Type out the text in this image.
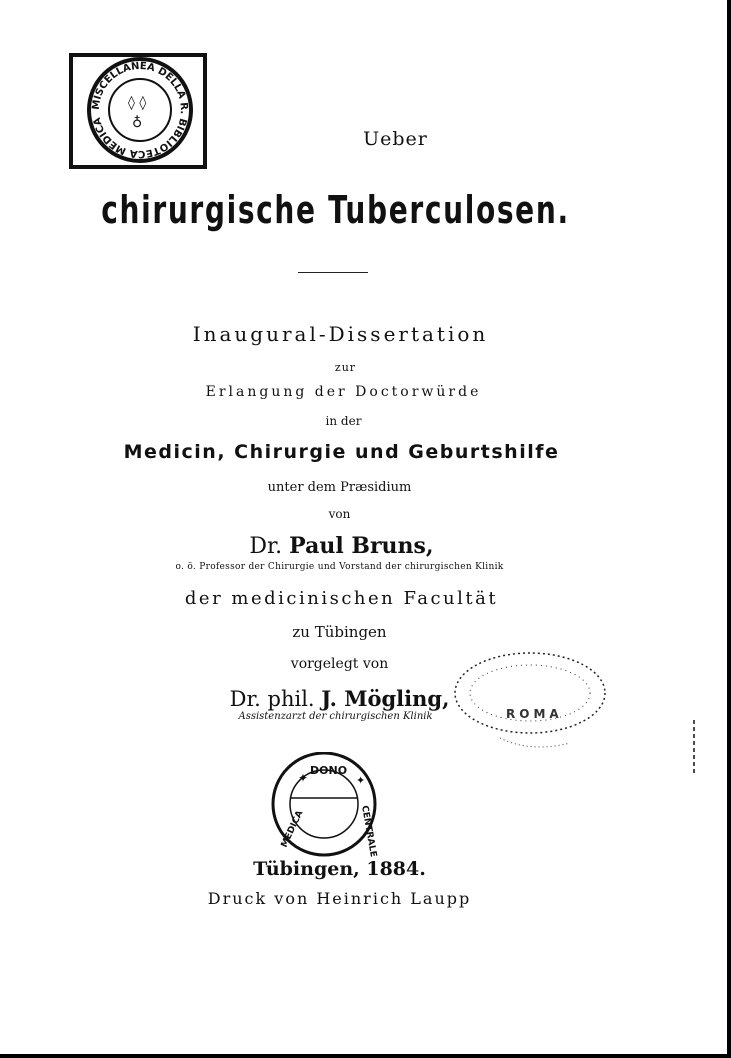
MISCELLANEA DELLA R. BIBLIOTECA MEDICA
◊ ◊
♁
Ueber
chirurgische Tuberculosen.
Inaugural-Dissertation
zur
Erlangung der Doctorwürde
in der
Medicin, Chirurgie und Geburtshilfe
unter dem Præsidium
von
Dr. Paul Bruns,
o. ö. Professor der Chirurgie und Vorstand der chirurgischen Klinik
der medicinischen Facultät
zu Tübingen
vorgelegt von
Dr. phil. J. Mögling,
Assistenzarzt der chirurgischen Klinik	ROMA
✦
DONO
✦
MEDICA	CENTRALE
Tübingen, 1884.
Druck von Heinrich Laupp
